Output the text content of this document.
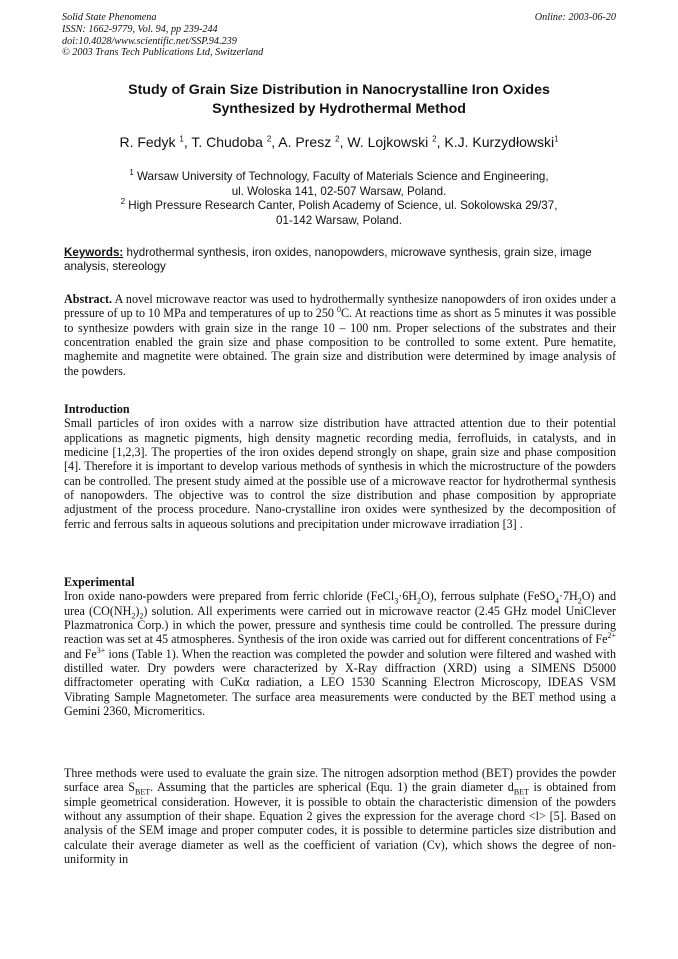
Solid State Phenomena
ISSN: 1662-9779, Vol. 94, pp 239-244
doi:10.4028/www.scientific.net/SSP.94.239
© 2003 Trans Tech Publications Ltd, Switzerland
Online: 2003-06-20
Study of Grain Size Distribution in Nanocrystalline Iron Oxides
Synthesized by Hydrothermal Method
R. Fedyk $^1$, T. Chudoba $^2$, A. Presz $^2$, W. Lojkowski $^2$, K.J. Kurzydłowski$^1$
$^1$ Warsaw University of Technology, Faculty of Materials Science and Engineering,
ul. Woloska 141, 02-507 Warsaw, Poland.
$^2$ High Pressure Research Canter, Polish Academy of Science, ul. Sokolowska 29/37,
01-142 Warsaw, Poland.
Keywords: hydrothermal synthesis, iron oxides, nanopowders, microwave synthesis, grain size, image analysis, stereology

Abstract. A novel microwave reactor was used to hydrothermally synthesize nanopowders of iron oxides under a pressure of up to 10 MPa and temperatures of up to 250 $^0$C. At reactions time as short as 5 minutes it was possible to synthesize powders with grain size in the range 10 – 100 nm. Proper selections of the substrates and their concentration enabled the grain size and phase composition to be controlled to some extent. Pure hematite, maghemite and magnetite were obtained. The grain size and distribution were determined by image analysis of the powders.

Introduction

Small particles of iron oxides with a narrow size distribution have attracted attention due to their potential applications as magnetic pigments, high density magnetic recording media, ferrofluids, in catalysts, and in medicine [1,2,3]. The properties of the iron oxides depend strongly on shape, grain size and phase composition [4]. Therefore it is important to develop various methods of synthesis in which the microstructure of the powders can be controlled. The present study aimed at the possible use of a microwave reactor for hydrothermal synthesis of nanopowders. The objective was to control the size distribution and phase composition by appropriate adjustment of the process procedure. Nano-crystalline iron oxides were synthesized by the decomposition of ferric and ferrous salts in aqueous solutions and precipitation under microwave irradiation [3] .

Experimental

Iron oxide nano-powders were prepared from ferric chloride $(FeCl_3\cdot 6H_2O)$, ferrous sulphate $(FeSO_4\cdot 7H_2O)$ and urea $(CO(NH_2)_2)$ solution. All experiments were carried out in microwave reactor (2.45 GHz model UniClever Plazmatronica Corp.) in which the power, pressure and synthesis time could be controlled. The pressure during reaction was set at 45 atmospheres. Synthesis of the iron oxide was carried out for different concentrations of $Fe^{2+}$ and $Fe^{3+}$ ions (Table 1). When the reaction was completed the powder and solution were filtered and washed with distilled water. Dry powders were characterized by X-Ray diffraction (XRD) using a SIMENS D5000 diffractometer operating with CuKα radiation, a LEO 1530 Scanning Electron Microscopy, IDEAS VSM Vibrating Sample Magnetometer. The surface area measurements were conducted by the BET method using a Gemini 2360, Micromeritics.

Three methods were used to evaluate the grain size. The nitrogen adsorption method (BET) provides the powder surface area $S_{BET}$. Assuming that the particles are spherical (Equ. 1) the grain diameter $d_{BET}$ is obtained from simple geometrical consideration. However, it is possible to obtain the characteristic dimension of the powders without any assumption of their shape. Equation 2 gives the expression for the average chord <l> [5]. Based on analysis of the SEM image and proper computer codes, it is possible to determine particles size distribution and calculate their average diameter as well as the coefficient of variation (Cv), which shows the degree of non-uniformity in
